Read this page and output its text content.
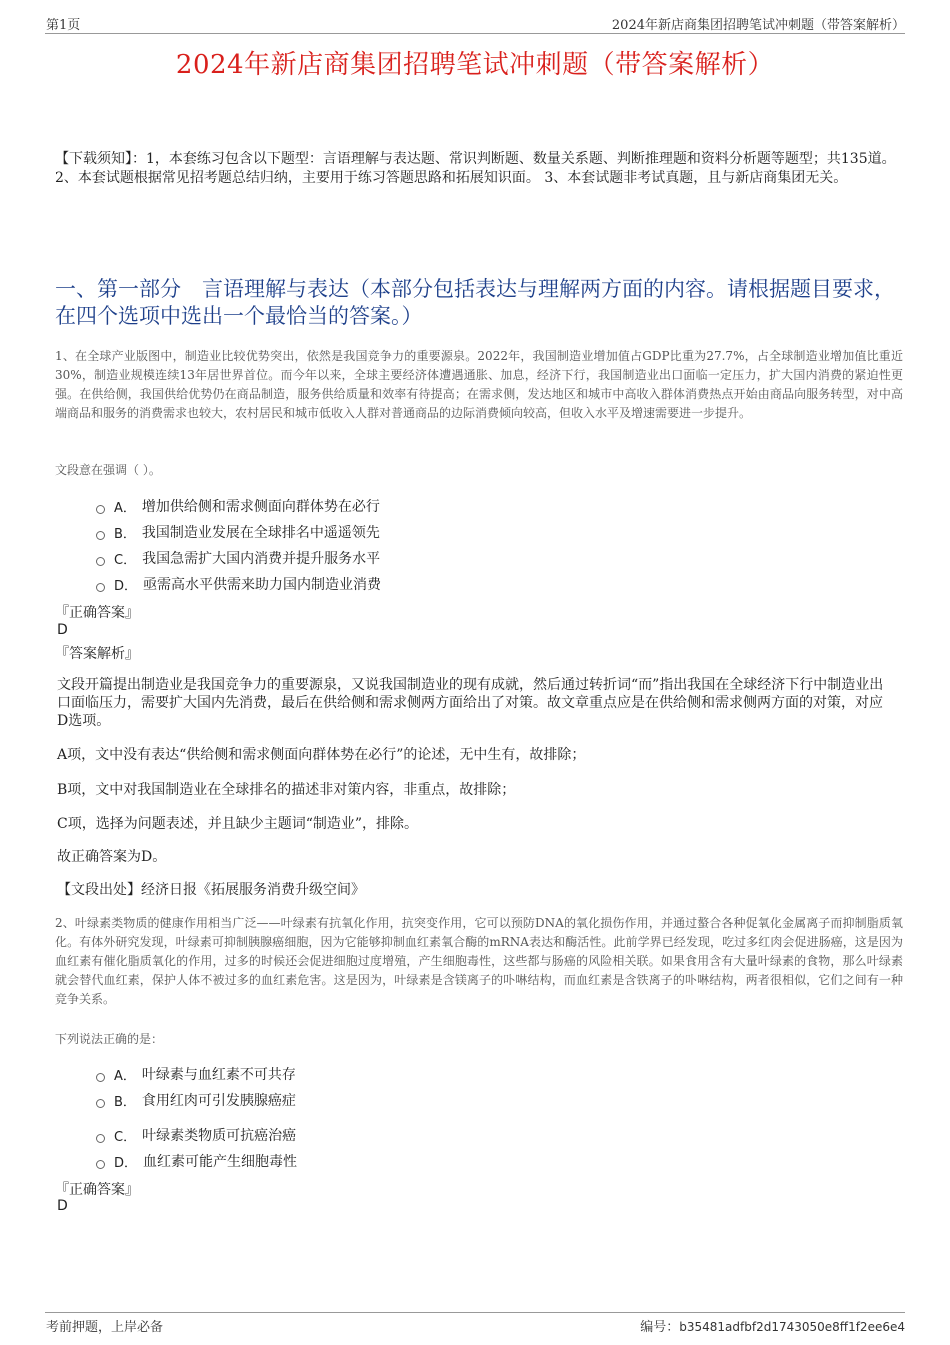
第1页	2024年新店商集团招聘笔试冲刺题（带答案解析）
2024年新店商集团招聘笔试冲刺题（带答案解析）
【下载须知】：1，本套练习包含以下题型：言语理解与表达题、常识判断题、数量关系题、判断推理题和资料分析题等题型；共135道。 2、本套试题根据常见招考题总结归纳，主要用于练习答题思路和拓展知识面。 3、本套试题非考试真题，且与新店商集团无关。
一、第一部分　言语理解与表达（本部分包括表达与理解两方面的内容。请根据题目要求，在四个选项中选出一个最恰当的答案。）
1、在全球产业版图中，制造业比较优势突出，依然是我国竞争力的重要源泉。2022年，我国制造业增加值占GDP比重为27.7%，占全球制造业增加值比重近30%，制造业规模连续13年居世界首位。而今年以来，全球主要经济体遭遇通胀、加息，经济下行，我国制造业出口面临一定压力，扩大国内消费的紧迫性更强。在供给侧，我国供给优势仍在商品制造，服务供给质量和效率有待提高；在需求侧，发达地区和城市中高收入群体消费热点开始由商品向服务转型，对中高端商品和服务的消费需求也较大，农村居民和城市低收入人群对普通商品的边际消费倾向较高，但收入水平及增速需要进一步提升。
文段意在强调（ ）。
A． 增加供给侧和需求侧面向群体势在必行
B． 我国制造业发展在全球排名中遥遥领先
C． 我国急需扩大国内消费并提升服务水平
D． 亟需高水平供需来助力国内制造业消费
『正确答案』
D
『答案解析』
文段开篇提出制造业是我国竞争力的重要源泉，又说我国制造业的现有成就，然后通过转折词“而”指出我国在全球经济下行中制造业出口面临压力，需要扩大国内先消费，最后在供给侧和需求侧两方面给出了对策。故文章重点应是在供给侧和需求侧两方面的对策，对应D选项。
A项，文中没有表达“供给侧和需求侧面向群体势在必行”的论述，无中生有，故排除；
B项，文中对我国制造业在全球排名的描述非对策内容，非重点，故排除；
C项，选择为问题表述，并且缺少主题词“制造业”，排除。
故正确答案为D。
【文段出处】经济日报《拓展服务消费升级空间》
2、叶绿素类物质的健康作用相当广泛——叶绿素有抗氧化作用，抗突变作用，它可以预防DNA的氧化损伤作用，并通过螯合各种促氧化金属离子而抑制脂质氧化。有体外研究发现，叶绿素可抑制胰腺癌细胞，因为它能够抑制血红素氧合酶的mRNA表达和酶活性。此前学界已经发现，吃过多红肉会促进肠癌，这是因为血红素有催化脂质氧化的作用，过多的时候还会促进细胞过度增殖，产生细胞毒性，这些都与肠癌的风险相关联。如果食用含有大量叶绿素的食物，那么叶绿素就会替代血红素，保护人体不被过多的血红素危害。这是因为，叶绿素是含镁离子的卟啉结构，而血红素是含铁离子的卟啉结构，两者很相似，它们之间有一种竞争关系。
下列说法正确的是：
A． 叶绿素与血红素不可共存
B． 食用红肉可引发胰腺癌症
C． 叶绿素类物质可抗癌治癌
D． 血红素可能产生细胞毒性
『正确答案』
D
考前押题，上岸必备	编号：b35481adfbf2d1743050e8ff1f2ee6e4
